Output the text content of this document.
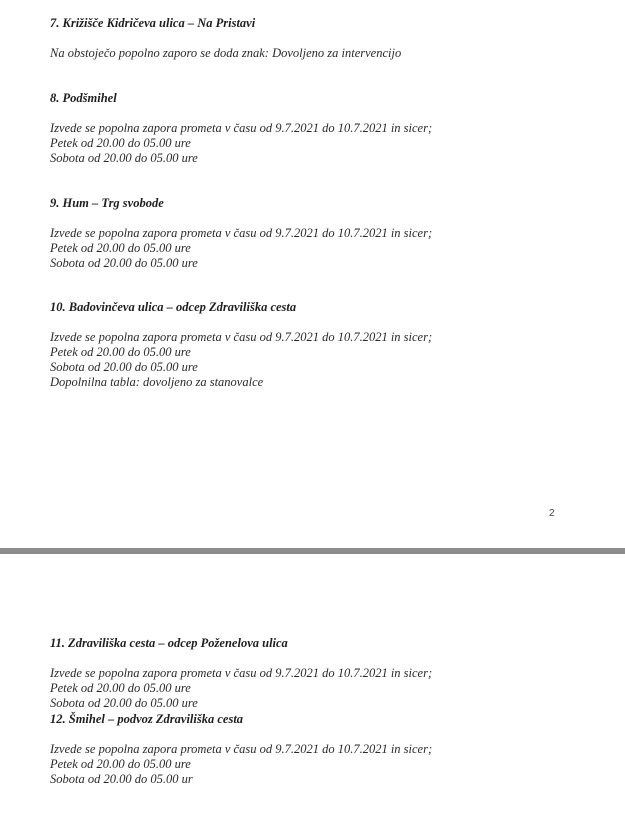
7. Križišče Kidričeva ulica – Na Pristavi
Na obstoječo popolno zaporo se doda znak: Dovoljeno za intervencijo
8. Podšmihel
Izvede se popolna zapora prometa v času od 9.7.2021 do 10.7.2021 in sicer;
Petek od 20.00 do 05.00 ure
Sobota od 20.00 do 05.00 ure
9. Hum – Trg svobode
Izvede se popolna zapora prometa v času od 9.7.2021 do 10.7.2021 in sicer;
Petek od 20.00 do 05.00 ure
Sobota od 20.00 do 05.00 ure
10. Badovinčeva ulica – odcep Zdraviliška cesta
Izvede se popolna zapora prometa v času od 9.7.2021 do 10.7.2021 in sicer;
Petek od 20.00 do 05.00 ure
Sobota od 20.00 do 05.00 ure
Dopolnilna tabla: dovoljeno za stanovalce
2
11. Zdraviliška cesta – odcep Poženelova ulica
Izvede se popolna zapora prometa v času od 9.7.2021 do 10.7.2021 in sicer;
Petek od 20.00 do 05.00 ure
Sobota od 20.00 do 05.00 ure
12. Šmihel – podvoz Zdraviliška cesta
Izvede se popolna zapora prometa v času od 9.7.2021 do 10.7.2021 in sicer;
Petek od 20.00 do 05.00 ure
Sobota od 20.00 do 05.00 ur
